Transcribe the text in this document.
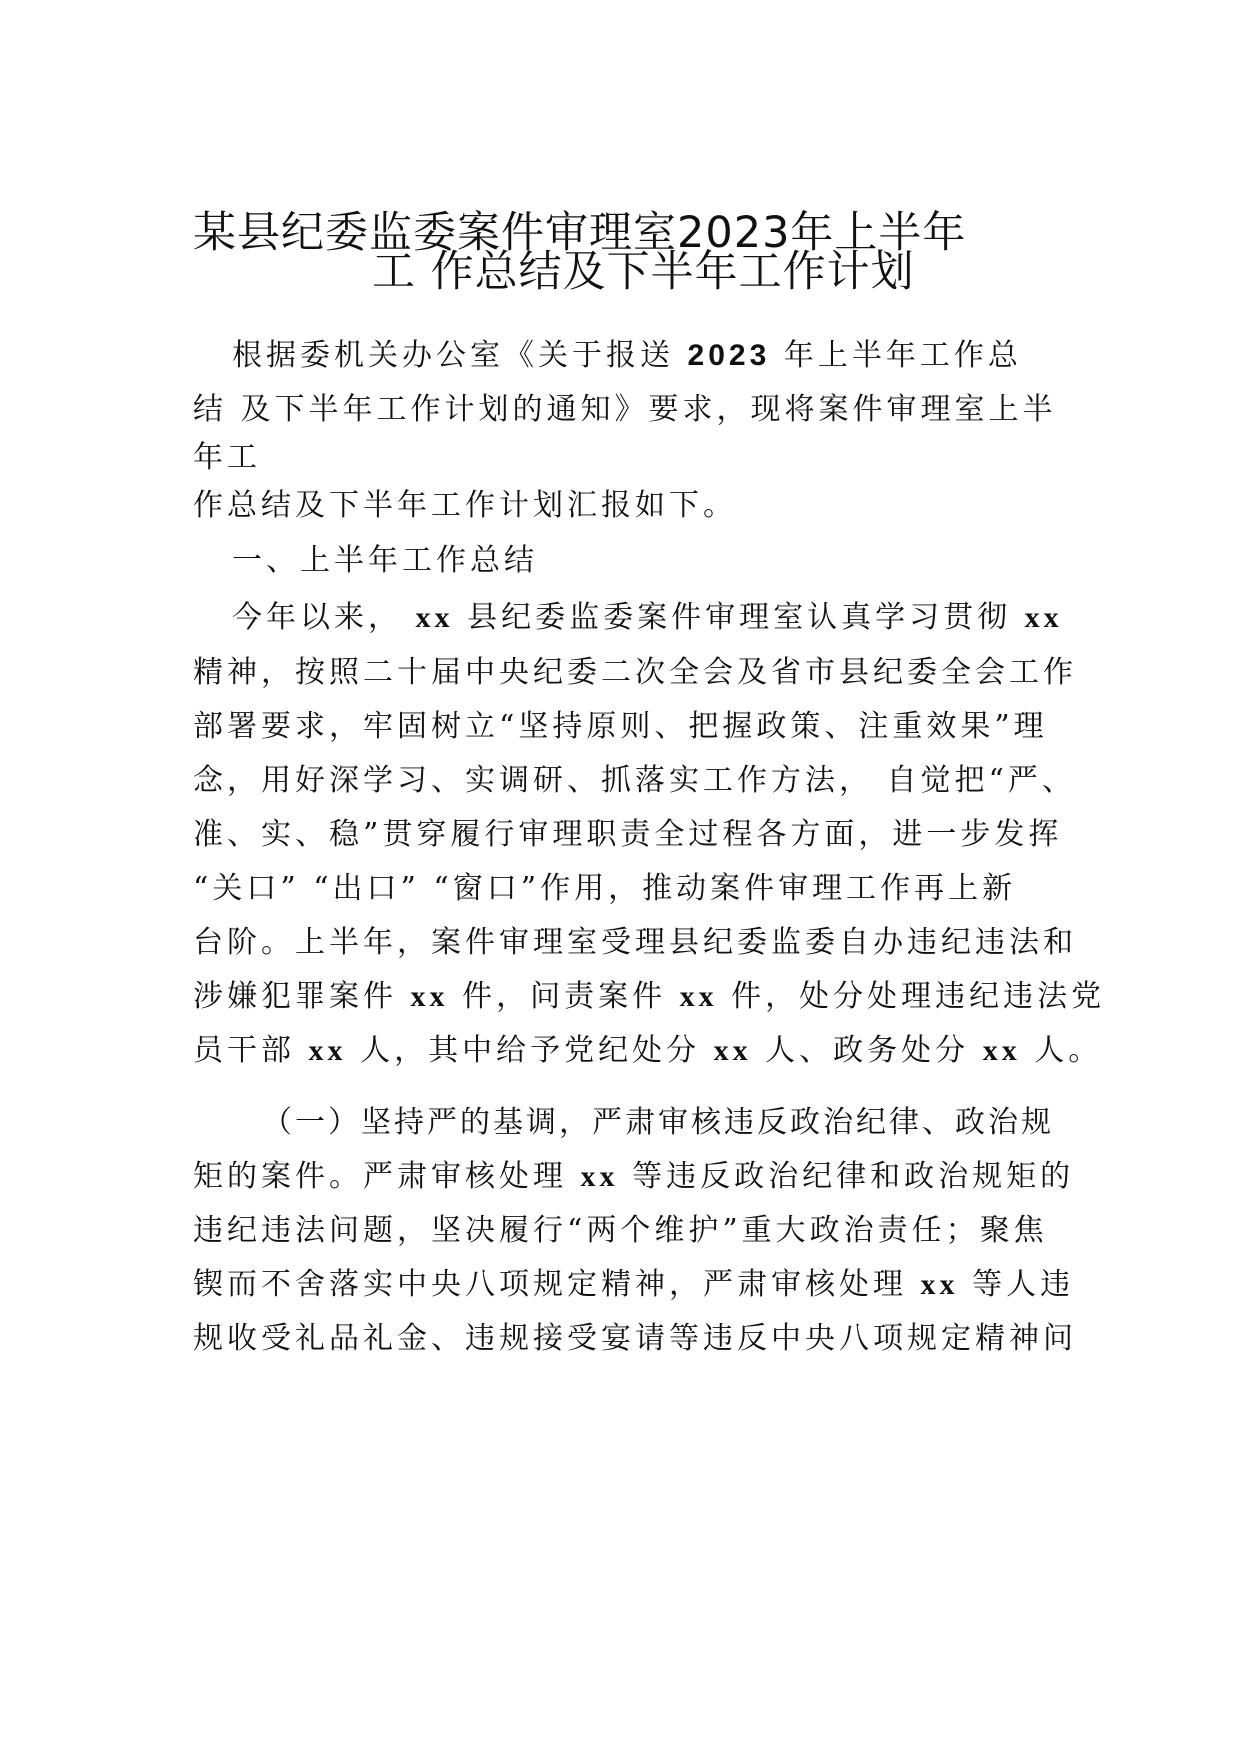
某县纪委监委案件审理室2023年上半年
工 作总结及下半年工作计划
根据委机关办公室《关于报送 2023 年上半年工作总
结 及下半年工作计划的通知》要求，现将案件审理室上半
年工
作总结及下半年工作计划汇报如下。
一、上半年工作总结
今年以来， xx 县纪委监委案件审理室认真学习贯彻 xx
精神，按照二十届中央纪委二次全会及省市县纪委全会工作
部署要求，牢固树立“坚持原则、把握政策、注重效果”理
念，用好深学习、实调研、抓落实工作方法， 自觉把“严、
准、实、稳”贯穿履行审理职责全过程各方面，进一步发挥
“关口” “出口” “窗口”作用，推动案件审理工作再上新
台阶。上半年，案件审理室受理县纪委监委自办违纪违法和
涉嫌犯罪案件 xx 件，问责案件 xx 件，处分处理违纪违法党
员干部 xx 人，其中给予党纪处分 xx 人、政务处分 xx 人。
（一）坚持严的基调，严肃审核违反政治纪律、政治规
矩的案件。严肃审核处理 xx 等违反政治纪律和政治规矩的
违纪违法问题，坚决履行“两个维护”重大政治责任；聚焦
锲而不舍落实中央八项规定精神，严肃审核处理 xx 等人违
规收受礼品礼金、违规接受宴请等违反中央八项规定精神问
